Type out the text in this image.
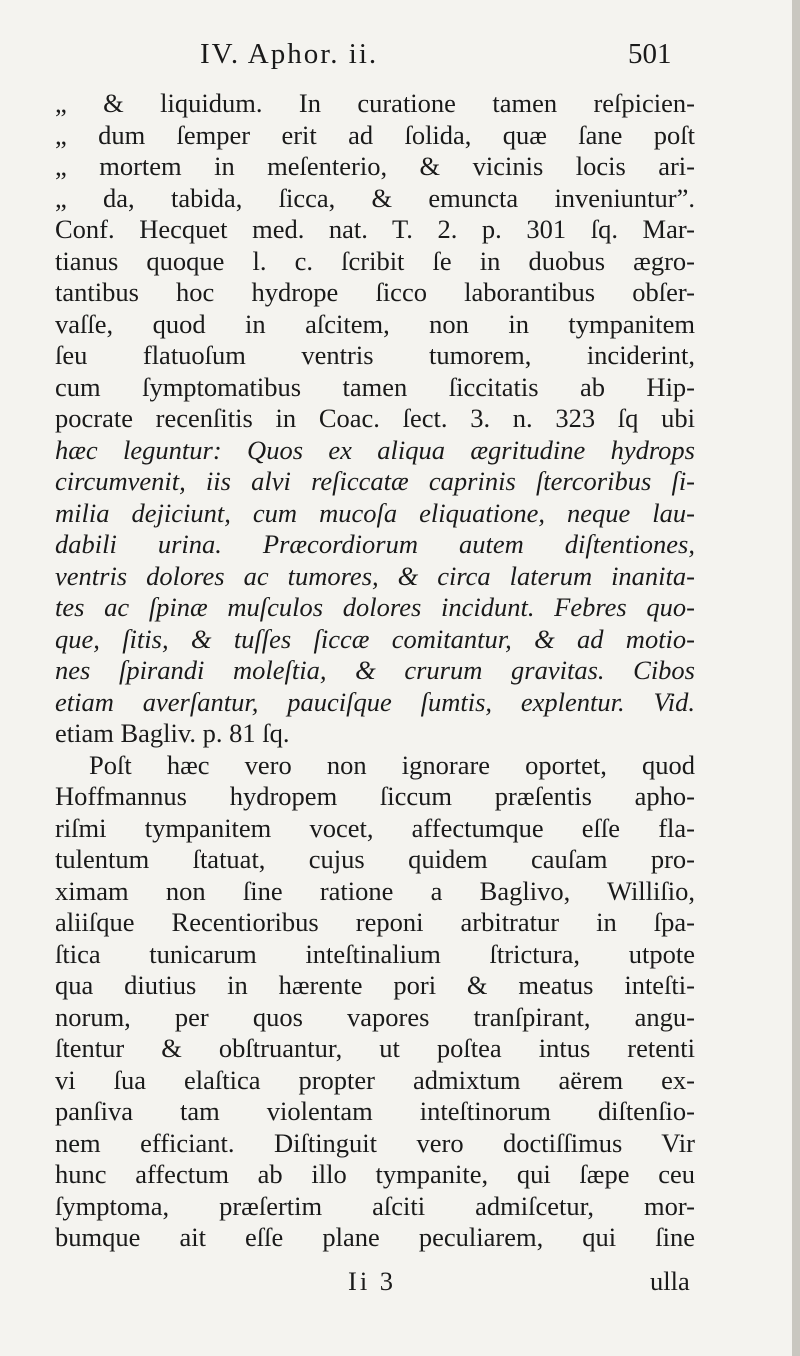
IV. Aphor. ii.	501
„ & liquidum. In curatione tamen reſpicien-
„ dum ſemper erit ad ſolida, quæ ſane poſt
„ mortem in meſenterio, & vicinis locis ari-
„ da, tabida, ſicca, & emuncta inveniuntur”.
Conf. Hecquet med. nat. T. 2. p. 301 ſq. Mar-
tianus quoque l. c. ſcribit ſe in duobus ægro-
tantibus hoc hydrope ſicco laborantibus obſer-
vaſſe, quod in aſcitem, non in tympanitem
ſeu flatuoſum ventris tumorem, inciderint,
cum ſymptomatibus tamen ſiccitatis ab Hip-
pocrate recenſitis in Coac. ſect. 3. n. 323 ſq ubi
hæc leguntur: Quos ex aliqua ægritudine hydrops
circumvenit, iis alvi reſiccatæ caprinis ſtercoribus ſi-
milia dejiciunt, cum mucoſa eliquatione, neque lau-
dabili urina. Præcordiorum autem diſtentiones,
ventris dolores ac tumores, & circa laterum inanita-
tes ac ſpinæ muſculos dolores incidunt. Febres quo-
que, ſitis, & tuſſes ſiccæ comitantur, & ad motio-
nes ſpirandi moleſtia, & crurum gravitas. Cibos
etiam averſantur, pauciſque ſumtis, explentur. Vid.
etiam Bagliv. p. 81 ſq.
Poſt hæc vero non ignorare oportet, quod
Hoffmannus hydropem ſiccum præſentis apho-
riſmi tympanitem vocet, affectumque eſſe fla-
tulentum ſtatuat, cujus quidem cauſam pro-
ximam non ſine ratione a Baglivo, Williſio,
aliiſque Recentioribus reponi arbitratur in ſpa-
ſtica tunicarum inteſtinalium ſtrictura, utpote
qua diutius in hærente pori & meatus inteſti-
norum, per quos vapores tranſpirant, angu-
ſtentur & obſtruantur, ut poſtea intus retenti
vi ſua elaſtica propter admixtum aërem ex-
panſiva tam violentam inteſtinorum diſtenſio-
nem efficiant. Diſtinguit vero doctiſſimus Vir
hunc affectum ab illo tympanite, qui ſæpe ceu
ſymptoma, præſertim aſciti admiſcetur, mor-
bumque ait eſſe plane peculiarem, qui ſine
Ii 3	ulla
